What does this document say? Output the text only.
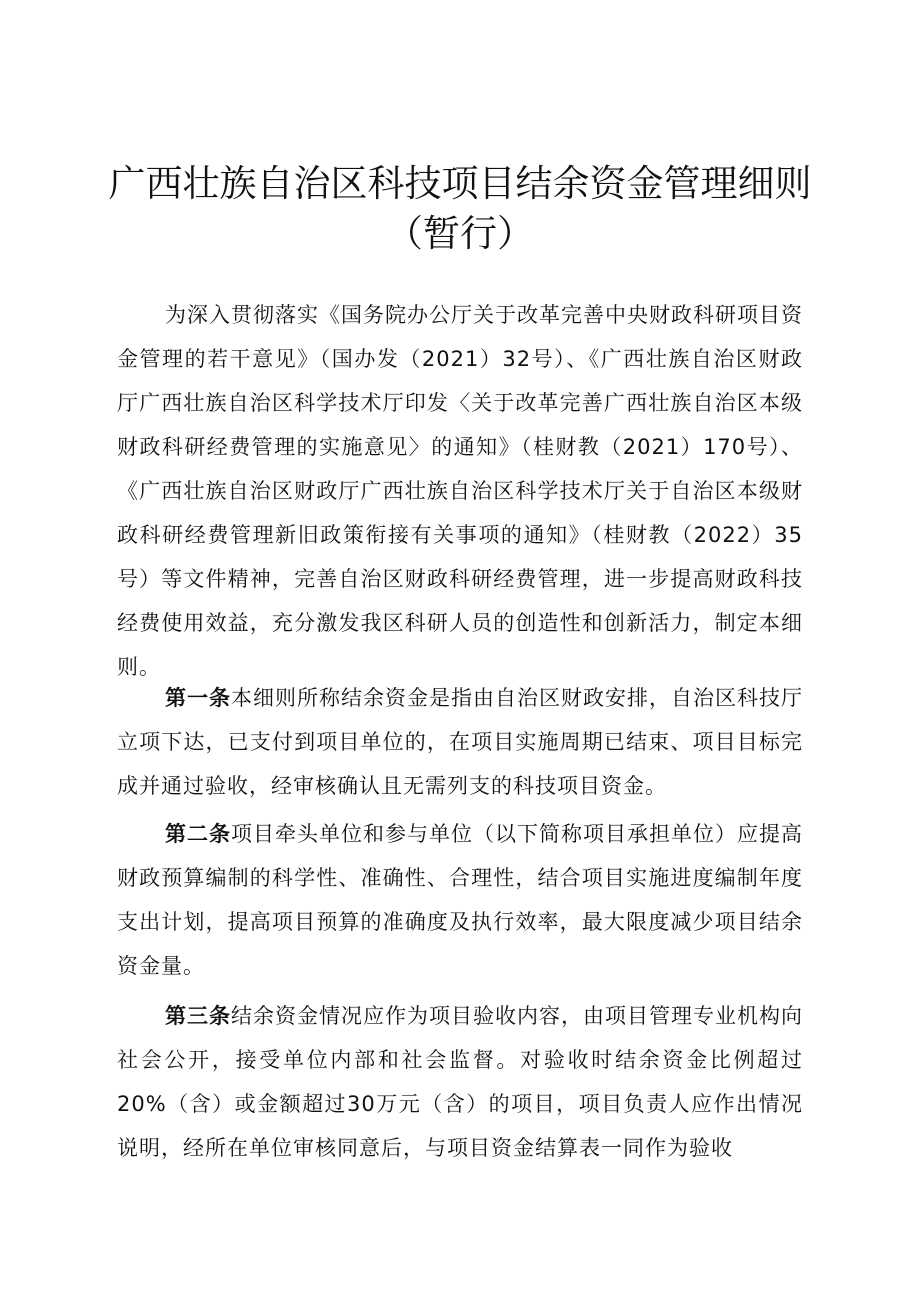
广西壮族自治区科技项目结余资金管理细则
（暂行）

为深入贯彻落实《国务院办公厅关于改革完善中央财政科研项目资金管理的若干意见》（国办发（2021）32号）、《广西壮族自治区财政厅广西壮族自治区科学技术厅印发〈关于改革完善广西壮族自治区本级财政科研经费管理的实施意见〉的通知》（桂财教（2021）170号）、《广西壮族自治区财政厅广西壮族自治区科学技术厅关于自治区本级财政科研经费管理新旧政策衔接有关事项的通知》（桂财教（2022）35号）等文件精神，完善自治区财政科研经费管理，进一步提高财政科技经费使用效益，充分激发我区科研人员的创造性和创新活力，制定本细则。

第一条本细则所称结余资金是指由自治区财政安排，自治区科技厅立项下达，已支付到项目单位的，在项目实施周期已结束、项目目标完成并通过验收，经审核确认且无需列支的科技项目资金。

第二条项目牵头单位和参与单位（以下简称项目承担单位）应提高财政预算编制的科学性、准确性、合理性，结合项目实施进度编制年度支出计划，提高项目预算的准确度及执行效率，最大限度减少项目结余资金量。

第三条结余资金情况应作为项目验收内容，由项目管理专业机构向社会公开，接受单位内部和社会监督。对验收时结余资金比例超过20%（含）或金额超过30万元（含）的项目，项目负责人应作出情况说明，经所在单位审核同意后，与项目资金结算表一同作为验收
